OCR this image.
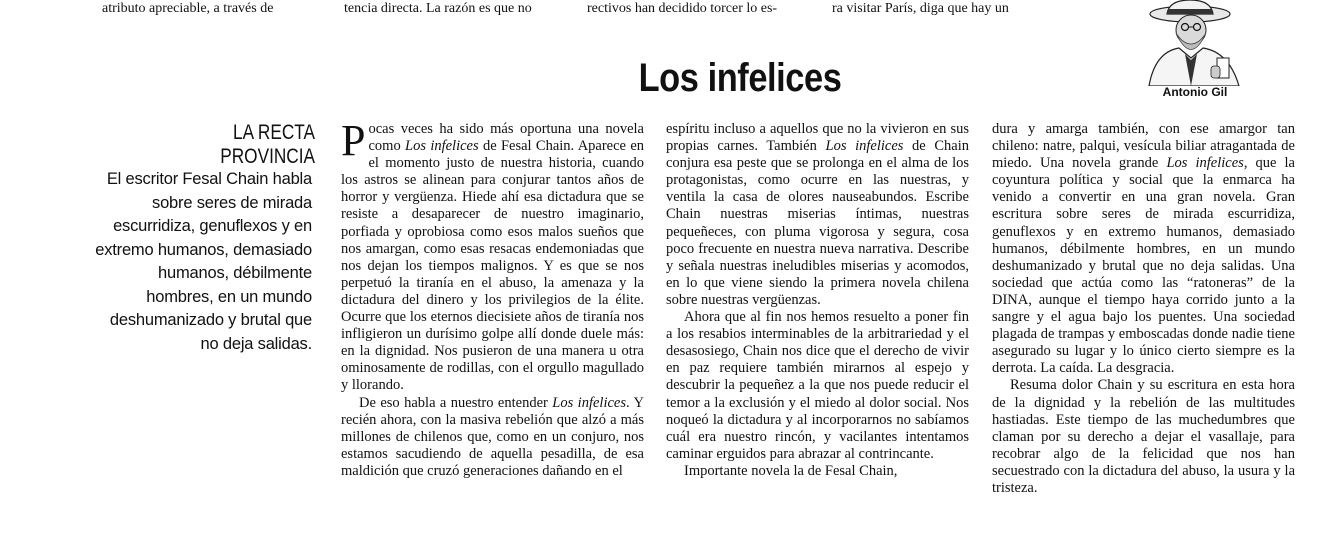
atributo apreciable, a través de	tencia directa. La razón es que no	rectivos han decidido torcer lo es-	ra visitar París, diga que hay un
Antonio Gil
Los infelices
LA RECTA PROVINCIA
El escritor Fesal Chain habla sobre seres de mirada escurridiza, genuflexos y en extremo humanos, demasiado humanos, débilmente hombres, en un mundo deshumanizado y brutal que no deja salidas.

Pocas veces ha sido más oportuna una novela como Los infelices de Fesal Chain. Aparece en el momento justo de nuestra historia, cuando los astros se alinean para conjurar tantos años de horror y vergüenza. Hiede ahí esa dictadura que se resiste a desaparecer de nuestro imaginario, porfiada y oprobiosa como esos malos sueños que nos amargan, como esas resacas endemoniadas que nos dejan los tiempos malignos. Y es que se nos perpetuó la tiranía en el abuso, la amenaza y la dictadura del dinero y los privilegios de la élite. Ocurre que los eternos diecisiete años de tiranía nos infligieron un durísimo golpe allí donde duele más: en la dignidad. Nos pusieron de una manera u otra ominosamente de rodillas, con el orgullo magullado y llorando.

De eso habla a nuestro entender Los infelices. Y recién ahora, con la masiva rebelión que alzó a más millones de chilenos que, como en un conjuro, nos estamos sacudiendo de aquella pesadilla, de esa maldición que cruzó generaciones dañando en el

espíritu incluso a aquellos que no la vivieron en sus propias carnes. También Los infelices de Chain conjura esa peste que se prolonga en el alma de los protagonistas, como ocurre en las nuestras, y ventila la casa de olores nauseabundos. Escribe Chain nuestras miserias íntimas, nuestras pequeñeces, con pluma vigorosa y segura, cosa poco frecuente en nuestra nueva narrativa. Describe y señala nuestras ineludibles miserias y acomodos, en lo que viene siendo la primera novela chilena sobre nuestras vergüenzas.

Ahora que al fin nos hemos resuelto a poner fin a los resabios interminables de la arbitrariedad y el desasosiego, Chain nos dice que el derecho de vivir en paz requiere también mirarnos al espejo y descubrir la pequeñez a la que nos puede reducir el temor a la exclusión y el miedo al dolor social. Nos noqueó la dictadura y al incorporarnos no sabíamos cuál era nuestro rincón, y vacilantes intentamos caminar erguidos para abrazar al contrincante.

Importante novela la de Fesal Chain,

dura y amarga también, con ese amargor tan chileno: natre, palqui, vesícula biliar atragantada de miedo. Una novela grande Los infelices, que la coyuntura política y social que la enmarca ha venido a convertir en una gran novela. Gran escritura sobre seres de mirada escurridiza, genuflexos y en extremo humanos, demasiado humanos, débilmente hombres, en un mundo deshumanizado y brutal que no deja salidas. Una sociedad que actúa como las “ratoneras” de la DINA, aunque el tiempo haya corrido junto a la sangre y el agua bajo los puentes. Una sociedad plagada de trampas y emboscadas donde nadie tiene asegurado su lugar y lo único cierto siempre es la derrota. La caída. La desgracia.

Resuma dolor Chain y su escritura en esta hora de la dignidad y la rebelión de las multitudes hastiadas. Este tiempo de las muchedumbres que claman por su derecho a dejar el vasallaje, para recobrar algo de la felicidad que nos han secuestrado con la dictadura del abuso, la usura y la tristeza.
